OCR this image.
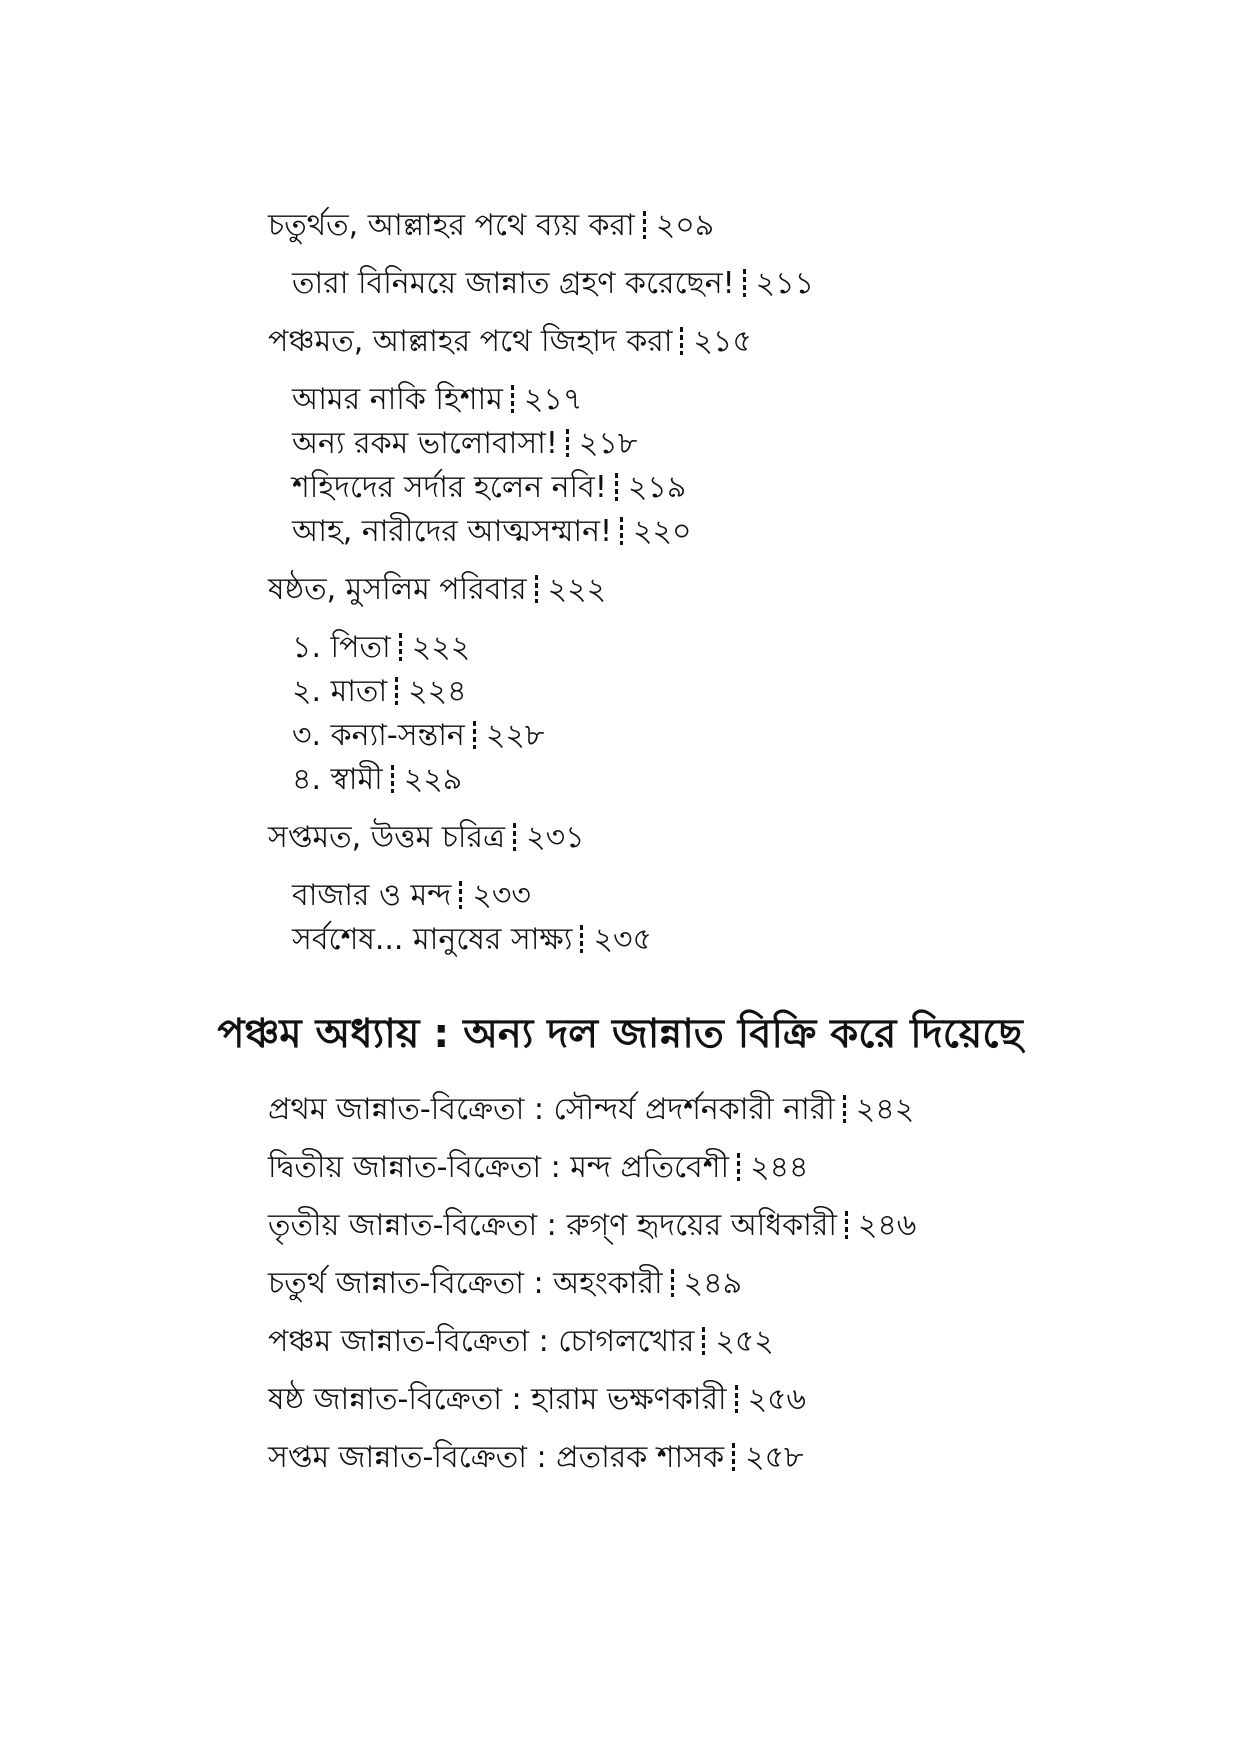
চতুর্থত, আল্লাহর পথে ব্যয় করা ২০৯
তারা বিনিময়ে জান্নাত গ্রহণ করেছেন! ২১১
পঞ্চমত, আল্লাহর পথে জিহাদ করা ২১৫
আমর নাকি হিশাম ২১৭
অন্য রকম ভালোবাসা! ২১৮
শহিদদের সর্দার হলেন নবি! ২১৯
আহ, নারীদের আত্মসম্মান! ২২০
ষষ্ঠত, মুসলিম পরিবার ২২২
১. পিতা ২২২
২. মাতা ২২৪
৩. কন্যা-সন্তান ২২৮
৪. স্বামী ২২৯
সপ্তমত, উত্তম চরিত্র ২৩১
বাজার ও মন্দ ২৩৩
সর্বশেষ... মানুষের সাক্ষ্য ২৩৫
পঞ্চম অধ্যায় : অন্য দল জান্নাত বিক্রি করে দিয়েছে
প্রথম জান্নাত-বিক্রেতা : সৌন্দর্য প্রদর্শনকারী নারী ২৪২
দ্বিতীয় জান্নাত-বিক্রেতা : মন্দ প্রতিবেশী ২৪৪
তৃতীয় জান্নাত-বিক্রেতা : রুগ্ণ হৃদয়ের অধিকারী ২৪৬
চতুর্থ জান্নাত-বিক্রেতা : অহংকারী ২৪৯
পঞ্চম জান্নাত-বিক্রেতা : চোগলখোর ২৫২
ষষ্ঠ জান্নাত-বিক্রেতা : হারাম ভক্ষণকারী ২৫৬
সপ্তম জান্নাত-বিক্রেতা : প্রতারক শাসক ২৫৮
